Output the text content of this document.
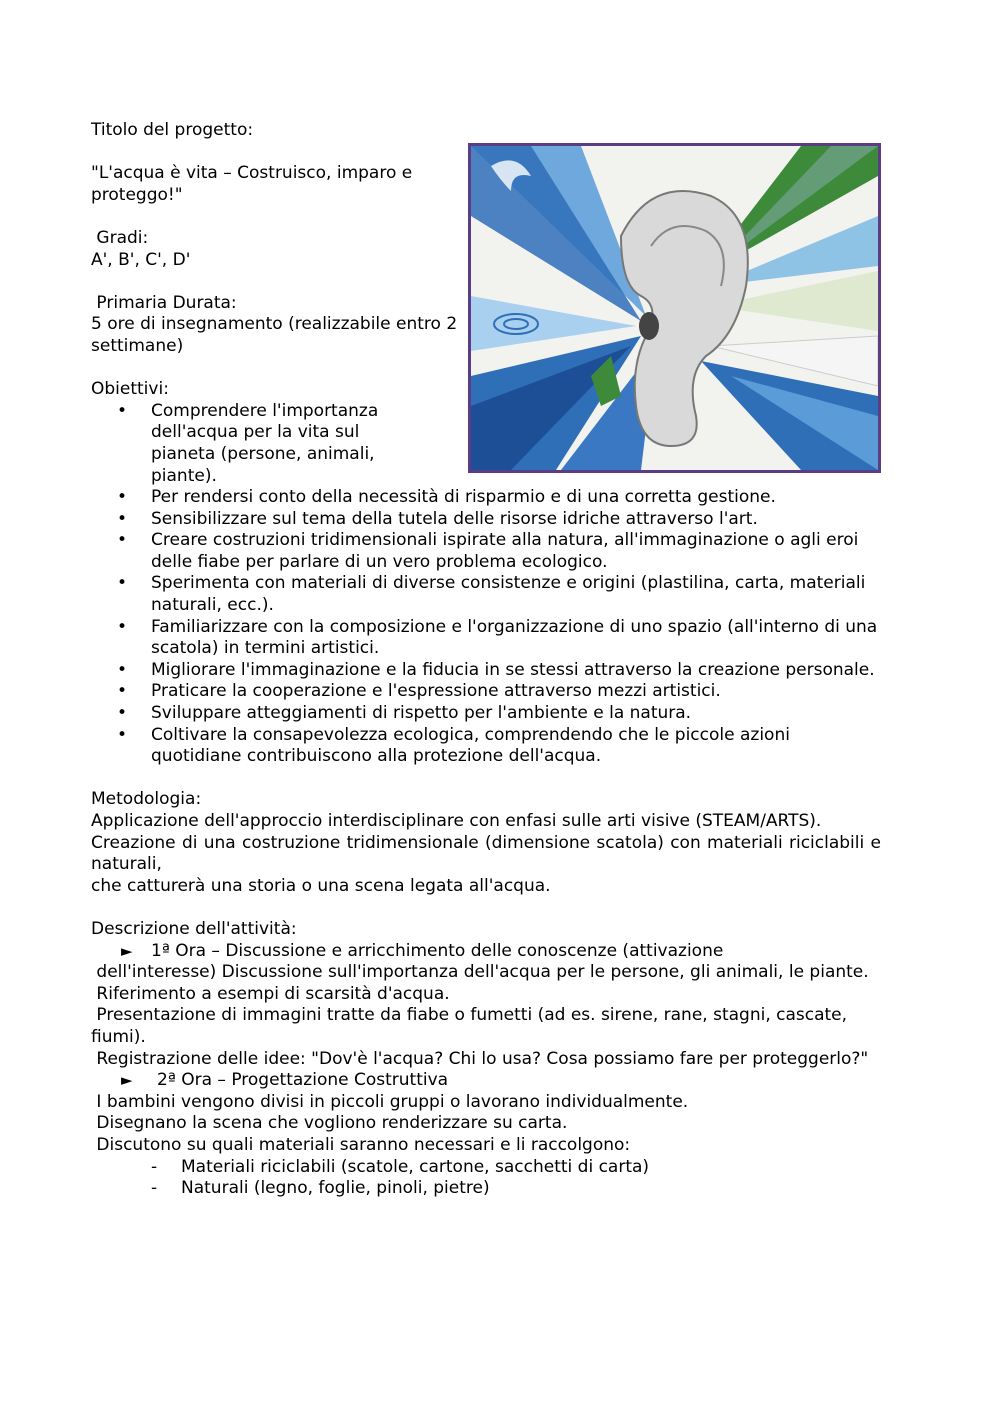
Titolo del progetto:

"L'acqua è vita – Costruisco, imparo e proteggo!"

Gradi:

A', B', C', D'

Primaria Durata:

5 ore di insegnamento (realizzabile entro 2 settimane)

Obiettivi:

• Comprendere l'importanza dell'acqua per la vita sul pianeta (persone, animali, piante).
• Per rendersi conto della necessità di risparmio e di una corretta gestione.
• Sensibilizzare sul tema della tutela delle risorse idriche attraverso l'art.
• Creare costruzioni tridimensionali ispirate alla natura, all'immaginazione o agli eroi delle fiabe per parlare di un vero problema ecologico.
• Sperimenta con materiali di diverse consistenze e origini (plastilina, carta, materiali naturali, ecc.).
• Familiarizzare con la composizione e l'organizzazione di uno spazio (all'interno di una scatola) in termini artistici.
• Migliorare l'immaginazione e la fiducia in se stessi attraverso la creazione personale.
• Praticare la cooperazione e l'espressione attraverso mezzi artistici.
• Sviluppare atteggiamenti di rispetto per l'ambiente e la natura.
• Coltivare la consapevolezza ecologica, comprendendo che le piccole azioni quotidiane contribuiscono alla protezione dell'acqua.

Metodologia:

Applicazione dell'approccio interdisciplinare con enfasi sulle arti visive (STEAM/ARTS).

Creazione di una costruzione tridimensionale (dimensione scatola) con materiali riciclabili e naturali,

che catturerà una storia o una scena legata all'acqua.

Descrizione dell'attività:

► 1ª Ora – Discussione e arricchimento delle conoscenze (attivazione

dell'interesse) Discussione sull'importanza dell'acqua per le persone, gli animali, le piante.

Riferimento a esempi di scarsità d'acqua.

Presentazione di immagini tratte da fiabe o fumetti (ad es. sirene, rane, stagni, cascate, fiumi).

Registrazione delle idee: "Dov'è l'acqua? Chi lo usa? Cosa possiamo fare per proteggerlo?"

► 2ª Ora – Progettazione Costruttiva

I bambini vengono divisi in piccoli gruppi o lavorano individualmente.

Disegnano la scena che vogliono renderizzare su carta.

Discutono su quali materiali saranno necessari e li raccolgono:

- Materiali riciclabili (scatole, cartone, sacchetti di carta)
- Naturali (legno, foglie, pinoli, pietre)
